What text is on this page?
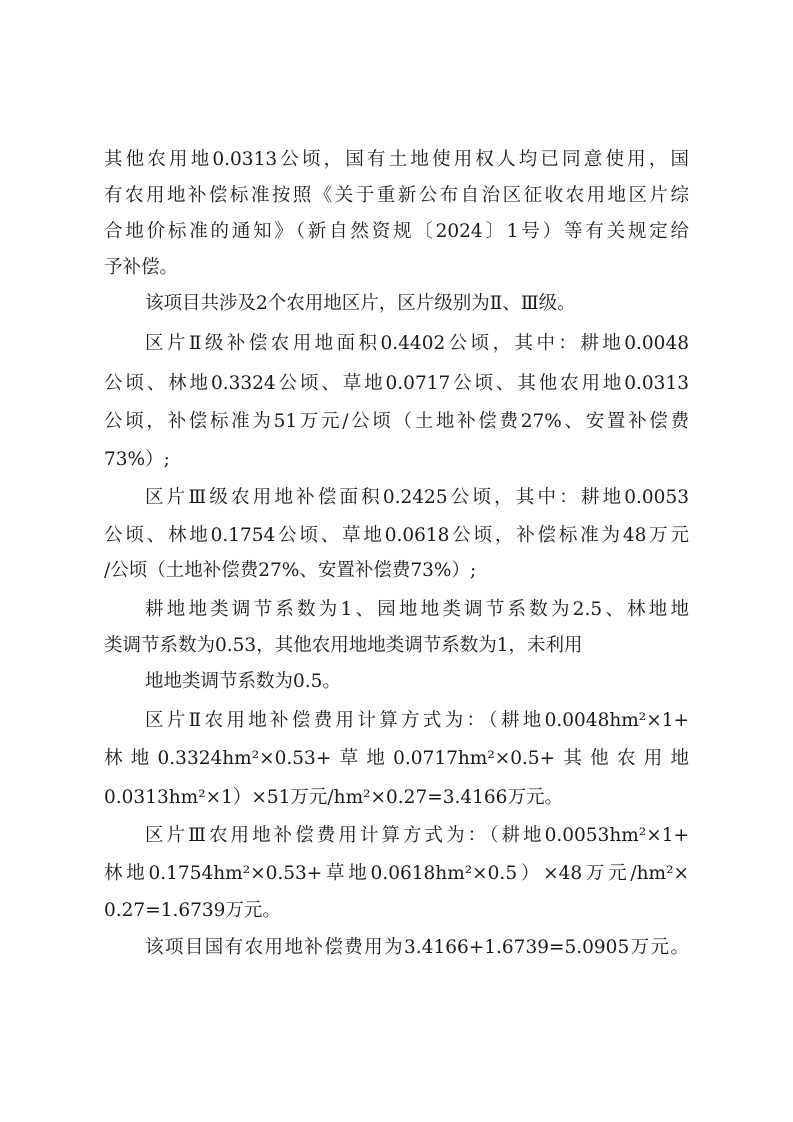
其他农用地0.0313公顷，国有土地使用权人均已同意使用，国
有农用地补偿标准按照《关于重新公布自治区征收农用地区片综
合地价标准的通知》（新自然资规〔2024〕1号）等有关规定给
予补偿。
该项目共涉及2个农用地区片，区片级别为Ⅱ、Ⅲ级。
区片Ⅱ级补偿农用地面积0.4402公顷，其中：耕地0.0048
公顷、林地0.3324公顷、草地0.0717公顷、其他农用地0.0313
公顷，补偿标准为51万元/公顷（土地补偿费27%、安置补偿费
73%）;
区片Ⅲ级农用地补偿面积0.2425公顷，其中：耕地0.0053
公顷、林地0.1754公顷、草地0.0618公顷，补偿标准为48万元
/公顷（土地补偿费27%、安置补偿费73%）;
耕地地类调节系数为1、园地地类调节系数为2.5、林地地
类调节系数为0.53，其他农用地地类调节系数为1，未利用
地地类调节系数为0.5。
区片Ⅱ农用地补偿费用计算方式为：（耕地0.0048hm²×1+
林地0.3324hm²×0.53+草地0.0717hm²×0.5+其他农用地
0.0313hm²×1）×51万元/hm²×0.27=3.4166万元。
区片Ⅲ农用地补偿费用计算方式为：（耕地0.0053hm²×1+
林地0.1754hm²×0.53+草地0.0618hm²×0.5）×48万元/hm²×
0.27=1.6739万元。
该项目国有农用地补偿费用为3.4166+1.6739=5.0905万元。
